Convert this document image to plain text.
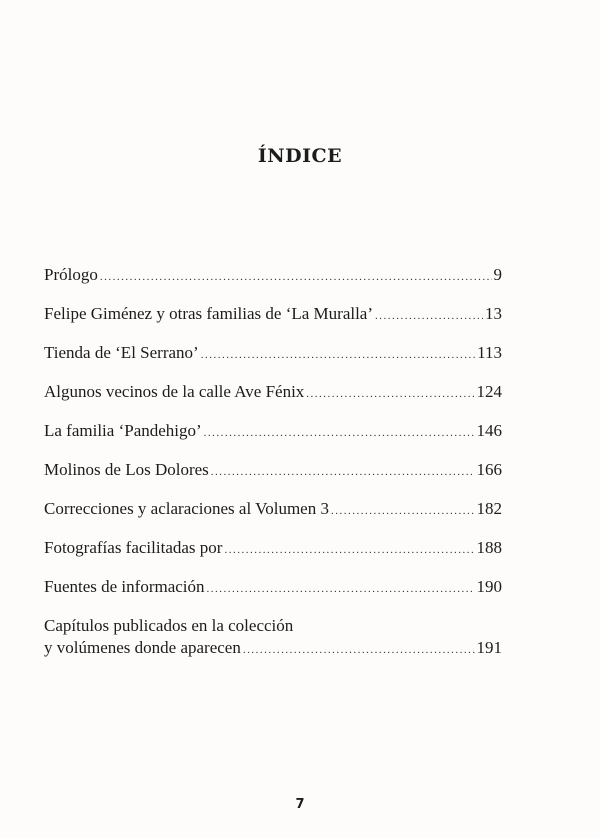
ÍNDICE
Prólogo .....	9
Felipe Giménez y otras familias de ‘La Muralla’ .....	13
Tienda de ‘El Serrano’ .....	113
Algunos vecinos de la calle Ave Fénix .....	124
La familia ‘Pandehigo’ .....	146
Molinos de Los Dolores .....	166
Correcciones y aclaraciones al Volumen 3 .....	182
Fotografías facilitadas por .....	188
Fuentes de información .....	190
Capítulos publicados en la colección
y volúmenes donde aparecen .....	191
7
